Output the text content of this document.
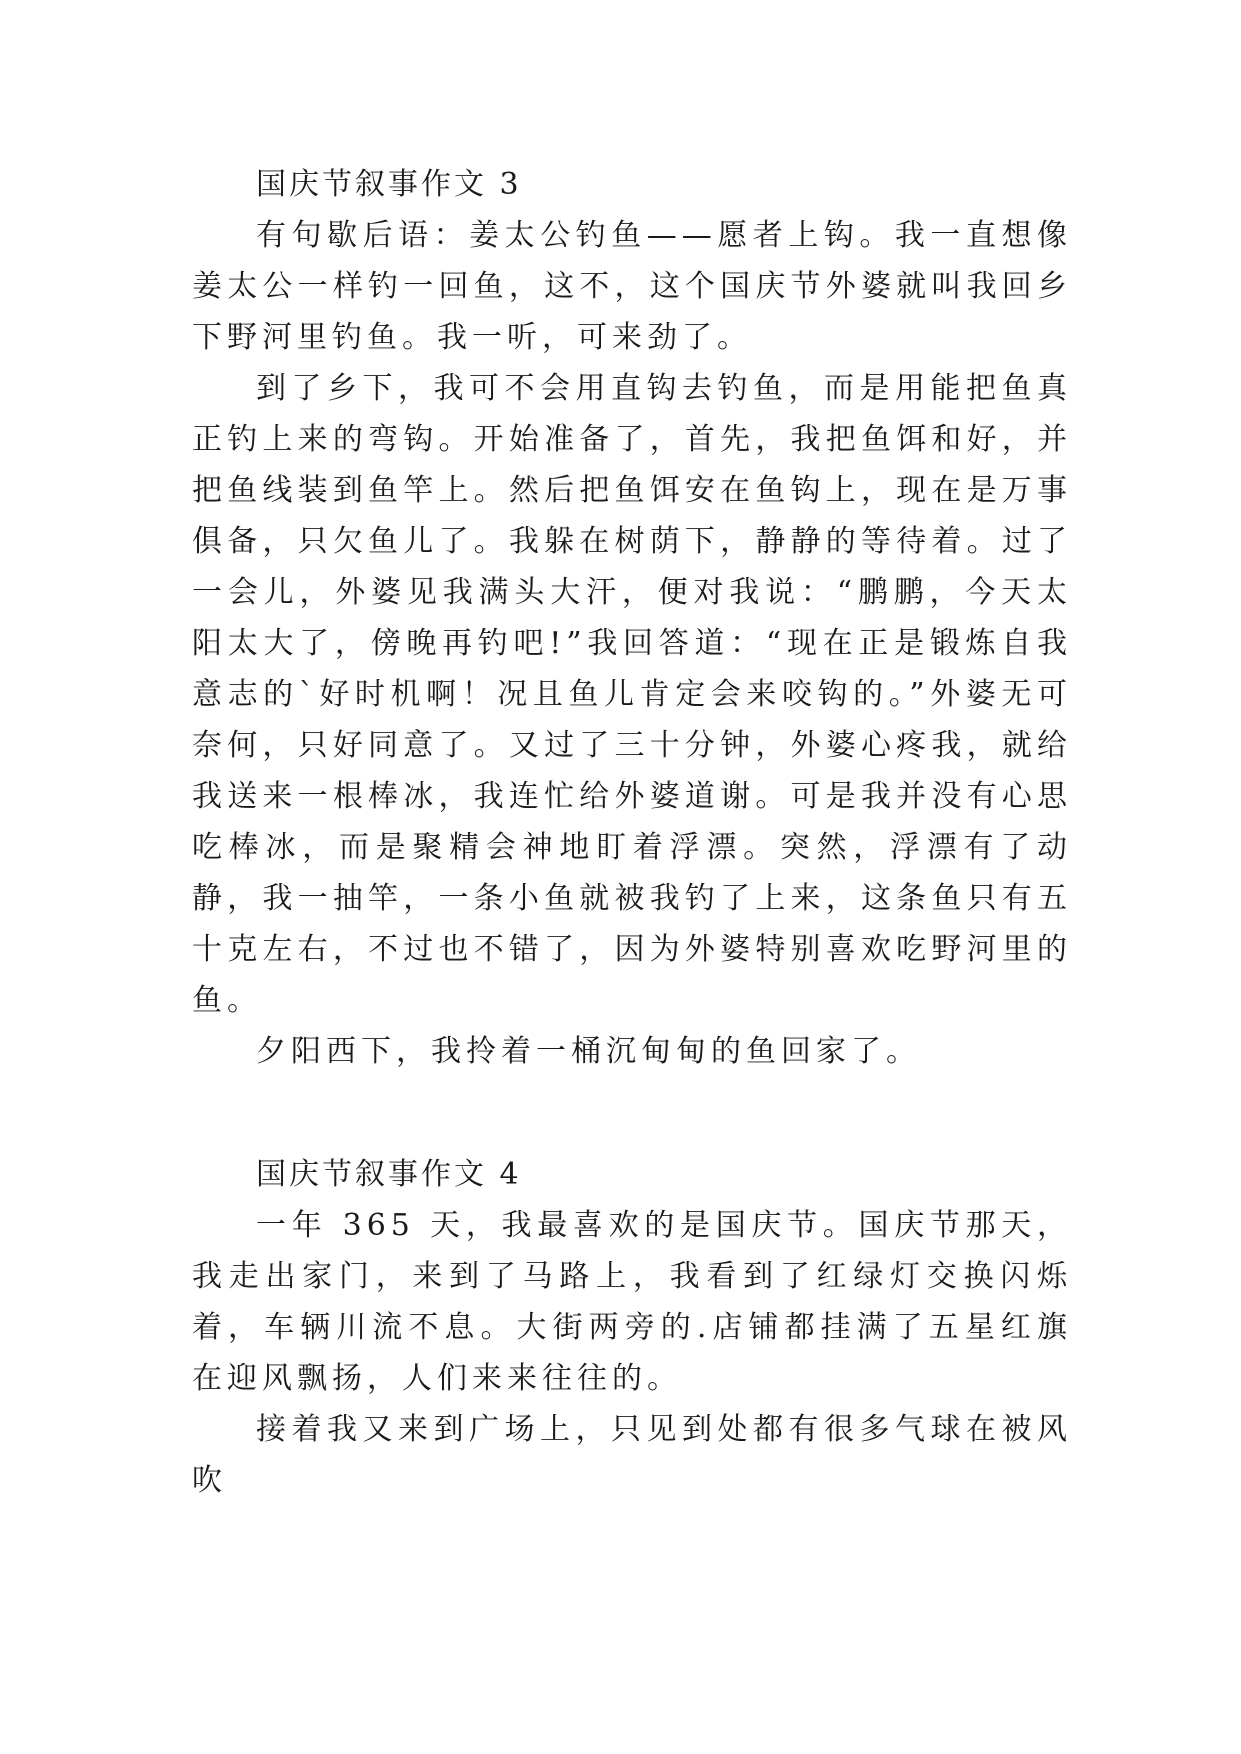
国庆节叙事作文 3

有句歇后语：姜太公钓鱼——愿者上钩。我一直想像姜太公一样钓一回鱼，这不，这个国庆节外婆就叫我回乡下野河里钓鱼。我一听，可来劲了。

到了乡下，我可不会用直钩去钓鱼，而是用能把鱼真正钓上来的弯钩。开始准备了，首先，我把鱼饵和好，并把鱼线装到鱼竿上。然后把鱼饵安在鱼钩上，现在是万事俱备，只欠鱼儿了。我躲在树荫下，静静的等待着。过了一会儿，外婆见我满头大汗，便对我说：“鹏鹏，今天太阳太大了，傍晚再钓吧!”我回答道：“现在正是锻炼自我意志的`好时机啊！况且鱼儿肯定会来咬钩的。”外婆无可奈何，只好同意了。又过了三十分钟，外婆心疼我，就给我送来一根棒冰，我连忙给外婆道谢。可是我并没有心思吃棒冰，而是聚精会神地盯着浮漂。突然，浮漂有了动静，我一抽竿，一条小鱼就被我钓了上来，这条鱼只有五十克左右，不过也不错了，因为外婆特别喜欢吃野河里的鱼。

夕阳西下，我拎着一桶沉甸甸的鱼回家了。

国庆节叙事作文 4

一年 365 天，我最喜欢的是国庆节。国庆节那天，我走出家门，来到了马路上，我看到了红绿灯交换闪烁着，车辆川流不息。大街两旁的.店铺都挂满了五星红旗在迎风飘扬，人们来来往往的。

接着我又来到广场上，只见到处都有很多气球在被风吹
